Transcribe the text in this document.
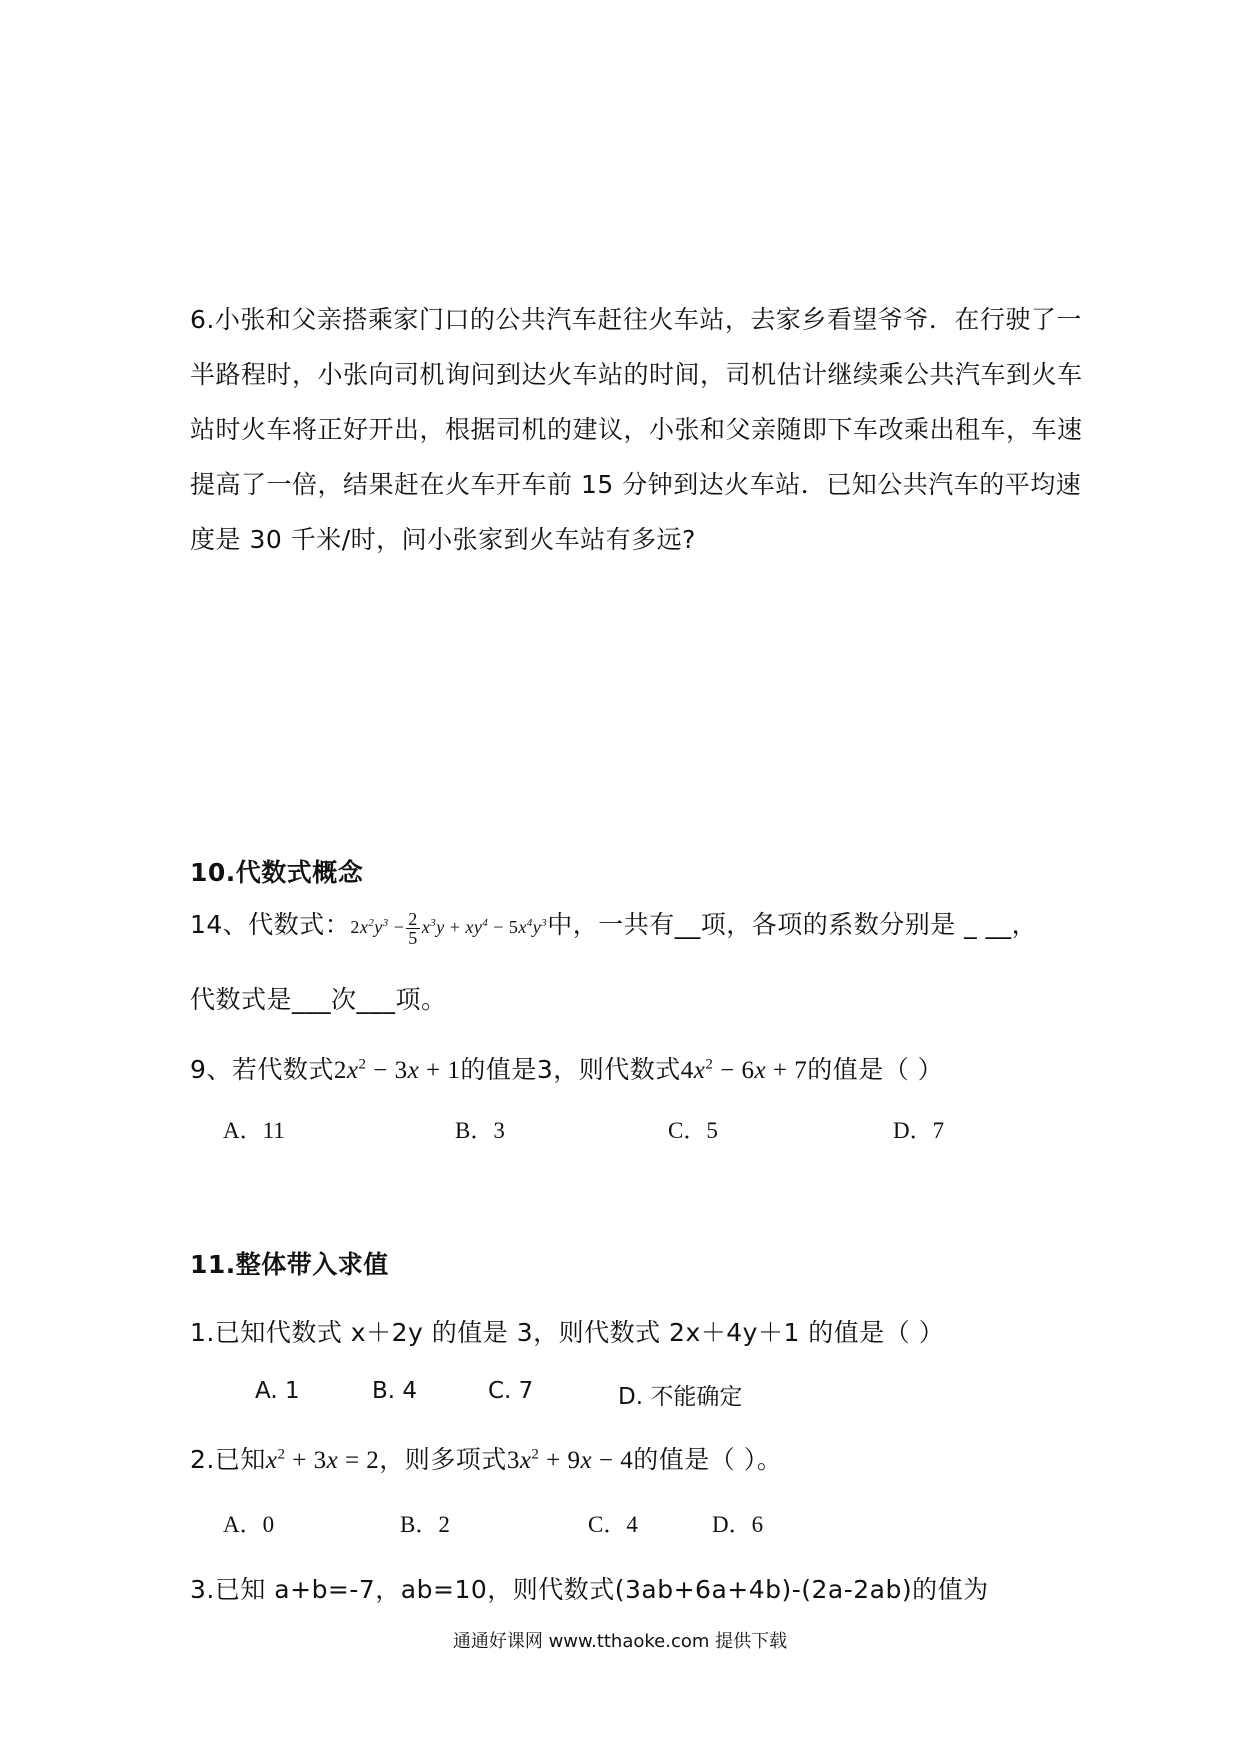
6.小张和父亲搭乘家门口的公共汽车赶往火车站，去家乡看望爷爷．在行驶了一
半路程时，小张向司机询问到达火车站的时间，司机估计继续乘公共汽车到火车
站时火车将正好开出，根据司机的建议，小张和父亲随即下车改乘出租车，车速
提高了一倍，结果赶在火车开车前 15 分钟到达火车站．已知公共汽车的平均速
度是 30 千米/时，问小张家到火车站有多远?
10.代数式概念
14、代数式：$2x^2y^3 - \frac{2}{5} x^3y + xy^4 - 5x^4y^3$中，一共有__项，各项的系数分别是 _ __，
代数式是___次___项。
9、若代数式$2x^2 - 3x + 1$的值是3，则代数式$4x^2 - 6x + 7$的值是（ ）
A．11	B．3	C．5	D．7
11.整体带入求值
1.已知代数式 x＋2y 的值是 3，则代数式 2x＋4y＋1 的值是（ ）
A. 1	B. 4	C. 7	D. 不能确定
2.已知$x^2 + 3x = 2$，则多项式$3x^2 + 9x - 4$的值是（ ）。
A．0	B．2	C．4	D．6
3.已知 a+b=-7，ab=10，则代数式(3ab+6a+4b)-(2a-2ab)的值为
通通好课网 www.tthaoke.com 提供下载
